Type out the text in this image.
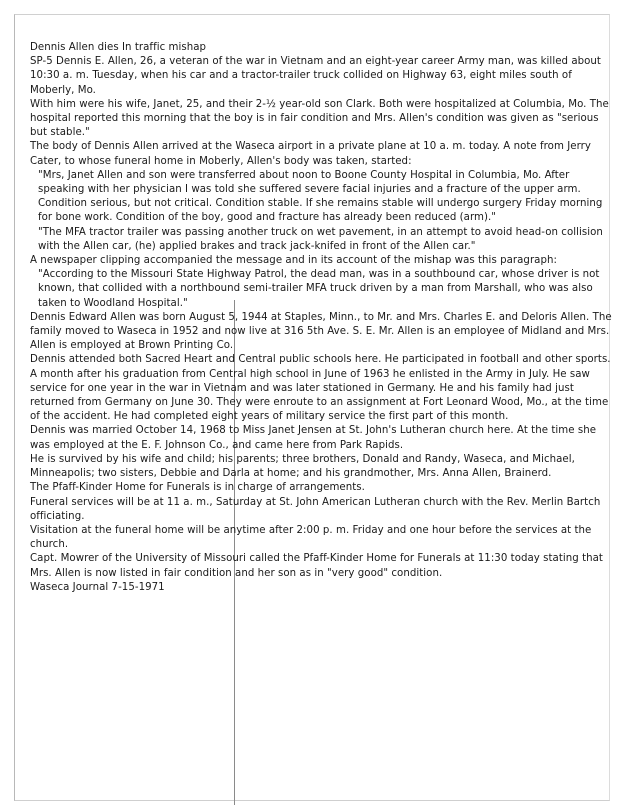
Dennis Allen dies In traffic mishap

SP-5 Dennis E. Allen, 26, a veteran of the war in Vietnam and an eight-year career Army man, was killed about 10:30 a. m. Tuesday, when his car and a tractor-trailer truck collided on Highway 63, eight miles south of Moberly, Mo.

With him were his wife, Janet, 25, and their 2-½ year-old son Clark. Both were hospitalized at Columbia, Mo. The hospital reported this morning that the boy is in fair condition and Mrs. Allen's condition was given as "serious but stable."

The body of Dennis Allen arrived at the Waseca airport in a private plane at 10 a. m. today. A note from Jerry Cater, to whose funeral home in Moberly, Allen's body was taken, started:

"Mrs, Janet Allen and son were transferred about noon to Boone County Hospital in Columbia, Mo. After speaking with her physician I was told she suffered severe facial injuries and a fracture of the upper arm. Condition serious, but not critical. Condition stable. If she remains stable will undergo surgery Friday morning for bone work. Condition of the boy, good and fracture has already been reduced (arm)."

"The MFA tractor trailer was passing another truck on wet pavement, in an attempt to avoid head-on collision with the Allen car, (he) applied brakes and track jack-knifed in front of the Allen car."

A newspaper clipping accompanied the message and in its account of the mishap was this paragraph:

"According to the Missouri State Highway Patrol, the dead man, was in a southbound car, whose driver is not known, that collided with a northbound semi-trailer MFA truck driven by a man from Marshall, who was also taken to Woodland Hospital."

Dennis Edward Allen was born August 5, 1944 at Staples, Minn., to Mr. and Mrs. Charles E. and Deloris Allen. The family moved to Waseca in 1952 and now live at 316 5th Ave. S. E. Mr. Allen is an employee of Midland and Mrs. Allen is employed at Brown Printing Co.

Dennis attended both Sacred Heart and Central public schools here. He participated in football and other sports.

A month after his graduation from Central high school in June of 1963 he enlisted in the Army in July. He saw service for one year in the war in Vietnam and was later stationed in Germany. He and his family had just returned from Germany on June 30. They were enroute to an assignment at Fort Leonard Wood, Mo., at the time of the accident. He had completed eight years of military service the first part of this month.

Dennis was married October 14, 1968 to Miss Janet Jensen at St. John's Lutheran church here. At the time she was employed at the E. F. Johnson Co., and came here from Park Rapids.

He is survived by his wife and child; his parents; three brothers, Donald and Randy, Waseca, and Michael, Minneapolis; two sisters, Debbie and Darla at home; and his grandmother, Mrs. Anna Allen, Brainerd.

The Pfaff-Kinder Home for Funerals is in charge of arrangements.

Funeral services will be at 11 a. m., Saturday at St. John American Lutheran church with the Rev. Merlin Bartch officiating.

Visitation at the funeral home will be anytime after 2:00 p. m. Friday and one hour before the services at the church.

Capt. Mowrer of the University of Missouri called the Pfaff-Kinder Home for Funerals at 11:30 today stating that Mrs. Allen is now listed in fair condition and her son as in "very good" condition.

Waseca Journal 7-15-1971
